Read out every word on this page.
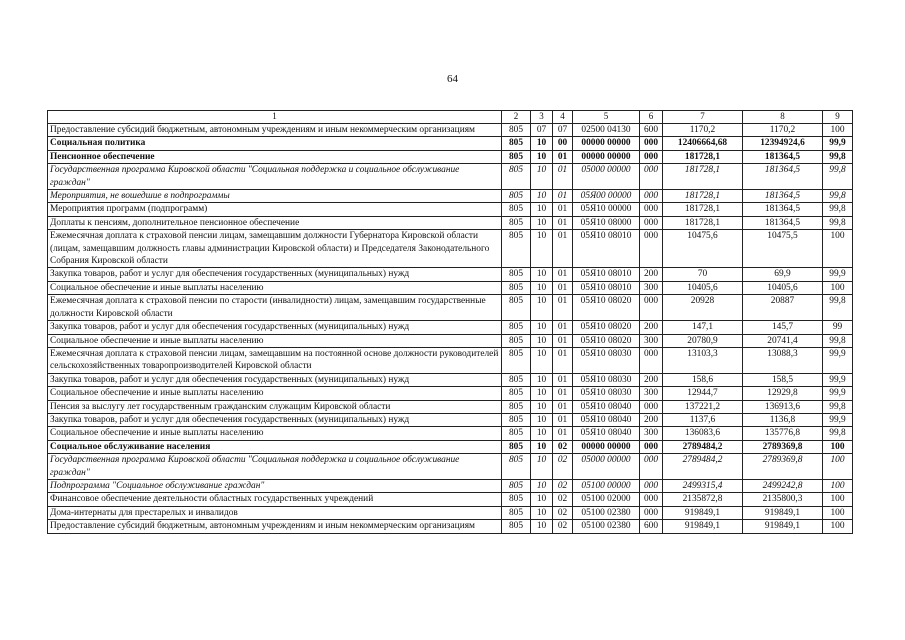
64
1	2	3	4	5	6	7	8	9
Предоставление субсидий бюджетным, автономным учреждениям и иным некоммерческим организациям	805	07	07	02500 04130	600	1170,2	1170,2	100
Социальная политика	805	10	00	00000 00000	000	12406664,68	12394924,6	99,9
Пенсионное обеспечение	805	10	01	00000 00000	000	181728,1	181364,5	99,8
Государственная программа Кировской области "Социальная поддержка и социальное обслуживание граждан"	805	10	01	05000 00000	000	181728,1	181364,5	99,8
Мероприятия, не вошедшие в подпрограммы	805	10	01	05Я00 00000	000	181728,1	181364,5	99,8
Мероприятия программ (подпрограмм)	805	10	01	05Я10 00000	000	181728,1	181364,5	99,8
Доплаты к пенсиям, дополнительное пенсионное обеспечение	805	10	01	05Я10 08000	000	181728,1	181364,5	99,8
Ежемесячная доплата к страховой пенсии лицам, замещавшим должности Губернатора Кировской области (лицам, замещавшим должность главы администрации Кировской области) и Председателя Законодательного Собрания Кировской области	805	10	01	05Я10 08010	000	10475,6	10475,5	100
Закупка товаров, работ и услуг для обеспечения государственных (муниципальных) нужд	805	10	01	05Я10 08010	200	70	69,9	99,9
Социальное обеспечение и иные выплаты населению	805	10	01	05Я10 08010	300	10405,6	10405,6	100
Ежемесячная доплата к страховой пенсии по старости (инвалидности) лицам, замещавшим государственные должности Кировской области	805	10	01	05Я10 08020	000	20928	20887	99,8
Закупка товаров, работ и услуг для обеспечения государственных (муниципальных) нужд	805	10	01	05Я10 08020	200	147,1	145,7	99
Социальное обеспечение и иные выплаты населению	805	10	01	05Я10 08020	300	20780,9	20741,4	99,8
Ежемесячная доплата к страховой пенсии лицам, замещавшим на постоянной основе должности руководителей сельскохозяйственных товаропроизводителей Кировской области	805	10	01	05Я10 08030	000	13103,3	13088,3	99,9
Закупка товаров, работ и услуг для обеспечения государственных (муниципальных) нужд	805	10	01	05Я10 08030	200	158,6	158,5	99,9
Социальное обеспечение и иные выплаты населению	805	10	01	05Я10 08030	300	12944,7	12929,8	99,9
Пенсия за выслугу лет государственным гражданским служащим Кировской области	805	10	01	05Я10 08040	000	137221,2	136913,6	99,8
Закупка товаров, работ и услуг для обеспечения государственных (муниципальных) нужд	805	10	01	05Я10 08040	200	1137,6	1136,8	99,9
Социальное обеспечение и иные выплаты населению	805	10	01	05Я10 08040	300	136083,6	135776,8	99,8
Социальное обслуживание населения	805	10	02	00000 00000	000	2789484,2	2789369,8	100
Государственная программа Кировской области "Социальная поддержка и социальное обслуживание граждан"	805	10	02	05000 00000	000	2789484,2	2789369,8	100
Подпрограмма "Социальное обслуживание граждан"	805	10	02	05100 00000	000	2499315,4	2499242,8	100
Финансовое обеспечение деятельности областных государственных учреждений	805	10	02	05100 02000	000	2135872,8	2135800,3	100
Дома-интернаты для престарелых и инвалидов	805	10	02	05100 02380	000	919849,1	919849,1	100
Предоставление субсидий бюджетным, автономным учреждениям и иным некоммерческим организациям	805	10	02	05100 02380	600	919849,1	919849,1	100
